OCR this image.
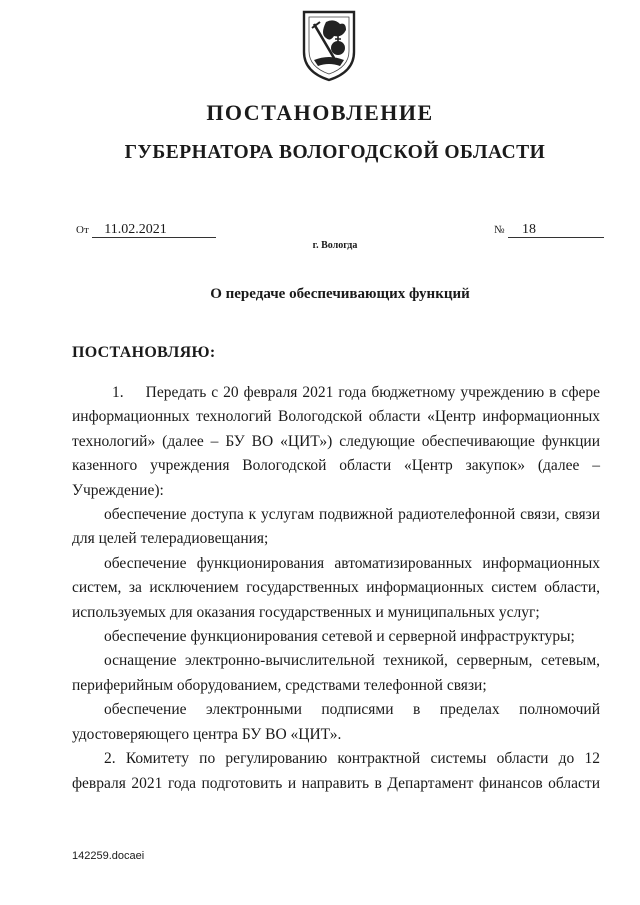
ПОСТАНОВЛЕНИЕ
ГУБЕРНАТОРА ВОЛОГОДСКОЙ ОБЛАСТИ
От 11.02.2021	№ 18
г. Вологда
О передаче обеспечивающих функций
ПОСТАНОВЛЯЮ:

1. Передать с 20 февраля 2021 года бюджетному учреждению в сфере информационных технологий Вологодской области «Центр информационных технологий» (далее – БУ ВО «ЦИТ») следующие обеспечивающие функции казенного учреждения Вологодской области «Центр закупок» (далее – Учреждение):

обеспечение доступа к услугам подвижной радиотелефонной связи, связи для целей телерадиовещания;

обеспечение функционирования автоматизированных информационных систем, за исключением государственных информационных систем области, используемых для оказания государственных и муниципальных услуг;

обеспечение функционирования сетевой и серверной инфраструктуры;

оснащение электронно-вычислительной техникой, серверным, сетевым, периферийным оборудованием, средствами телефонной связи;

обеспечение электронными подписями в пределах полномочий удостоверяющего центра БУ ВО «ЦИТ».

2. Комитету по регулированию контрактной системы области до 12 февраля 2021 года подготовить и направить в Департамент финансов области

142259.docaei
